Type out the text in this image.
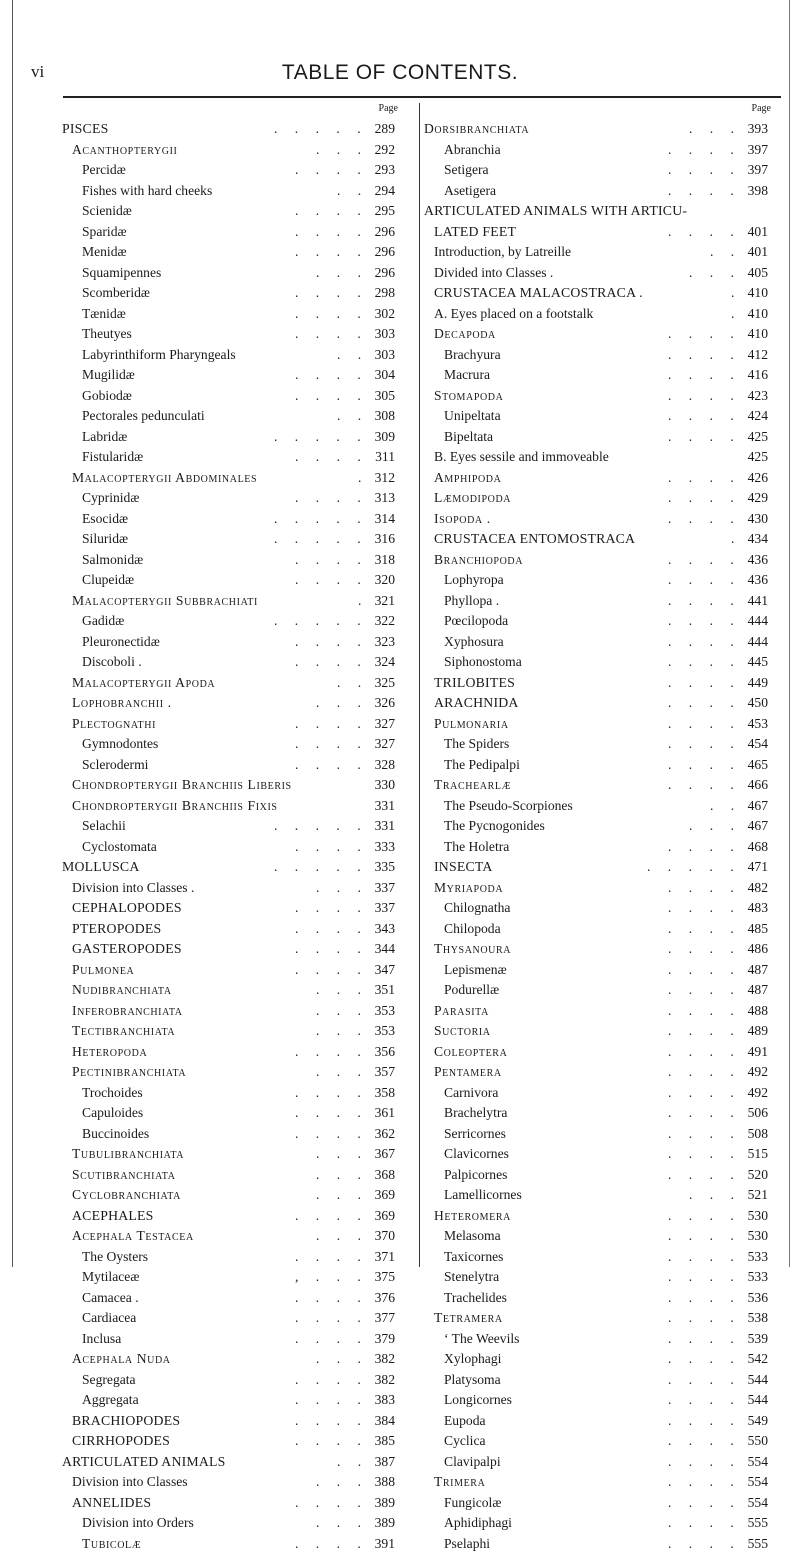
vi	TABLE OF CONTENTS.
Page
PISCES	. . . . . 289
Acanthopterygii	. . . 292
Percidæ	. . . . 293
Fishes with hard cheeks	. . 294
Scienidæ	. . . . 295
Sparidæ	. . . . 296
Menidæ	. . . . 296
Squamipennes	. . . 296
Scomberidæ	. . . . 298
Tænidæ	. . . . 302
Theutyes	. . . . 303
Labyrinthiform Pharyngeals	. . 303
Mugilidæ	. . . . 304
Gobiodæ	. . . . 305
Pectorales pedunculati	. . 308
Labridæ	. . . . . 309
Fistularidæ	. . . . 311
Malacopterygii Abdominales	. 312
Cyprinidæ	. . . . 313
Esocidæ	. . . . . 314
Siluridæ	. . . . . 316
Salmonidæ	. . . . 318
Clupeidæ	. . . . 320
Malacopterygii Subbrachiati	. 321
Gadidæ	. . . . . 322
Pleuronectidæ	. . . . 323
Discoboli .	. . . . 324
Malacopterygii Apoda	. . 325
Lophobranchii .	. . . 326
Plectognathi	. . . . 327
Gymnodontes	. . . . 327
Sclerodermi	. . . . 328
Chondropterygii Branchiis Liberis	330
Chondropterygii Branchiis Fixis	331
Selachii	. . . . . 331
Cyclostomata	. . . . 333
MOLLUSCA	. . . . . 335
Division into Classes .	. . . 337
CEPHALOPODES	. . . . 337
PTEROPODES	. . . . 343
GASTEROPODES	. . . . 344
Pulmonea	. . . . 347
Nudibranchiata	. . . 351
Inferobranchiata	. . . 353
Tectibranchiata	. . . 353
Heteropoda	. . . . 356
Pectinibranchiata	. . . 357
Trochoides	. . . . 358
Capuloides	. . . . 361
Buccinoides	. . . . 362
Tubulibranchiata	. . . 367
Scutibranchiata	. . . 368
Cyclobranchiata	. . . 369
ACEPHALES	. . . . 369
Acephala Testacea	. . . 370
The Oysters	. . . . 371
Mytilaceæ	, . . . 375
Camacea .	. . . . 376
Cardiacea	. . . . 377
Inclusa	. . . . 379
Acephala Nuda	. . . 382
Segregata	. . . . 382
Aggregata	. . . . 383
BRACHIOPODES	. . . . 384
CIRRHOPODES	. . . . 385
ARTICULATED ANIMALS	. . 387
Division into Classes	. . . 388
ANNELIDES	. . . . 389
Division into Orders	. . . 389
Tubicolæ	. . . . 391
Page
Dorsibranchiata	. . . 393
Abranchia	. . . . 397
Setigera	. . . . 397
Asetigera	. . . . 398
ARTICULATED ANIMALS WITH ARTICU-
LATED FEET	. . . . 401
Introduction, by Latreille	. . 401
Divided into Classes .	. . . 405
CRUSTACEA MALACOSTRACA .	. 410
A. Eyes placed on a footstalk	. 410
Decapoda	. . . . 410
Brachyura	. . . . 412
Macrura	. . . . 416
Stomapoda	. . . . 423
Unipeltata	. . . . 424
Bipeltata	. . . . 425
B. Eyes sessile and immoveable	425
Amphipoda	. . . . 426
Læmodipoda	. . . . 429
Isopoda .	. . . . 430
CRUSTACEA ENTOMOSTRACA	. 434
Branchiopoda	. . . . 436
Lophyropa	. . . . 436
Phyllopa .	. . . . 441
Pœcilopoda	. . . . 444
Xyphosura	. . . . 444
Siphonostoma	. . . . 445
TRILOBITES	. . . . 449
ARACHNIDA	. . . . 450
Pulmonaria	. . . . 453
The Spiders	. . . . 454
The Pedipalpi	. . . . 465
Trachearlæ	. . . . 466
The Pseudo-Scorpiones	. . 467
The Pycnogonides	. . . 467
The Holetra	. . . . 468
INSECTA	. . . . . 471
Myriapoda	. . . . 482
Chilognatha	. . . . 483
Chilopoda	. . . . 485
Thysanoura	. . . . 486
Lepismenæ	. . . . 487
Podurellæ	. . . . 487
Parasita	. . . . 488
Suctoria	. . . . 489
Coleoptera	. . . . 491
Pentamera	. . . . 492
Carnivora	. . . . 492
Brachelytra	. . . . 506
Serricornes	. . . . 508
Clavicornes	. . . . 515
Palpicornes	. . . . 520
Lamellicornes	. . . 521
Heteromera	. . . . 530
Melasoma	. . . . 530
Taxicornes	. . . . 533
Stenelytra	. . . . 533
Trachelides	. . . . 536
Tetramera	. . . . 538
‘ The Weevils	. . . . 539
Xylophagi	. . . . 542
Platysoma	. . . . 544
Longicornes	. . . . 544
Eupoda	. . . . 549
Cyclica	. . . . 550
Clavipalpi	. . . . 554
Trimera	. . . . 554
Fungicolæ	. . . . 554
Aphidiphagi	. . . . 555
Pselaphi	. . . . 555
